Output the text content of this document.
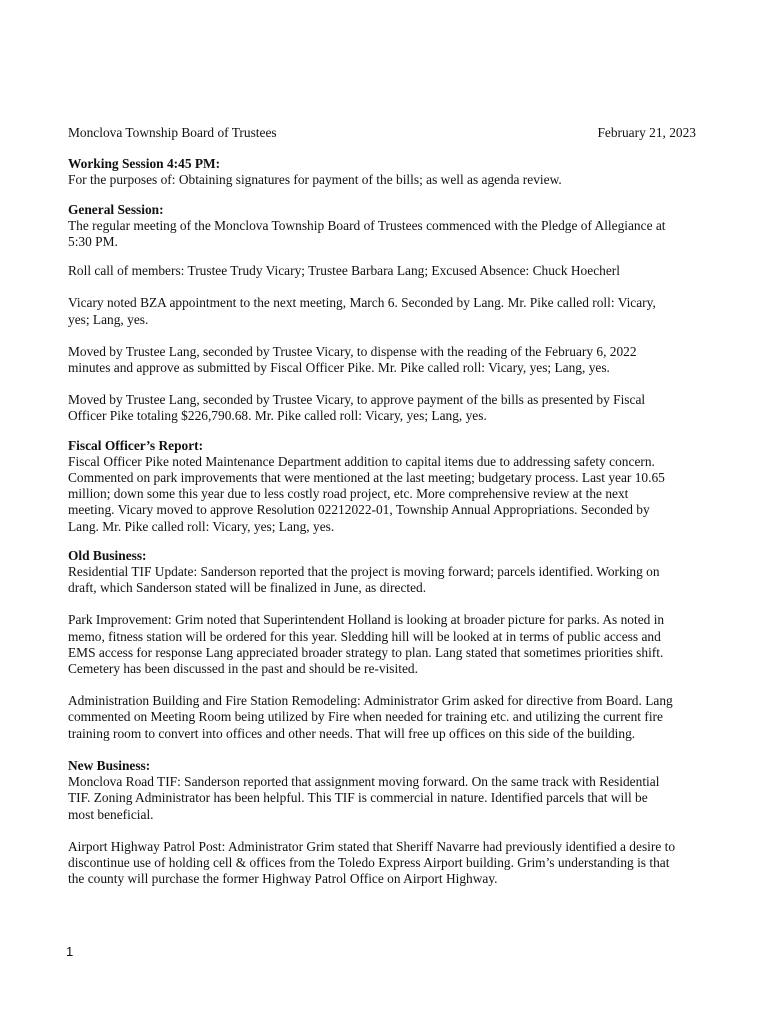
Monclova Township Board of Trustees	February 21, 2023

Working Session 4:45 PM:
For the purposes of: Obtaining signatures for payment of the bills; as well as agenda review.

General Session:
The regular meeting of the Monclova Township Board of Trustees commenced with the Pledge of Allegiance at
5:30 PM.

Roll call of members: Trustee Trudy Vicary; Trustee Barbara Lang; Excused Absence: Chuck Hoecherl

Vicary noted BZA appointment to the next meeting, March 6. Seconded by Lang. Mr. Pike called roll: Vicary,
yes; Lang, yes.

Moved by Trustee Lang, seconded by Trustee Vicary, to dispense with the reading of the February 6, 2022
minutes and approve as submitted by Fiscal Officer Pike. Mr. Pike called roll: Vicary, yes; Lang, yes.

Moved by Trustee Lang, seconded by Trustee Vicary, to approve payment of the bills as presented by Fiscal
Officer Pike totaling $226,790.68. Mr. Pike called roll: Vicary, yes; Lang, yes.

Fiscal Officer’s Report:
Fiscal Officer Pike noted Maintenance Department addition to capital items due to addressing safety concern.
Commented on park improvements that were mentioned at the last meeting; budgetary process. Last year 10.65
million; down some this year due to less costly road project, etc. More comprehensive review at the next
meeting. Vicary moved to approve Resolution 02212022-01, Township Annual Appropriations. Seconded by
Lang. Mr. Pike called roll: Vicary, yes; Lang, yes.

Old Business:
Residential TIF Update: Sanderson reported that the project is moving forward; parcels identified. Working on
draft, which Sanderson stated will be finalized in June, as directed.

Park Improvement: Grim noted that Superintendent Holland is looking at broader picture for parks. As noted in
memo, fitness station will be ordered for this year. Sledding hill will be looked at in terms of public access and
EMS access for response Lang appreciated broader strategy to plan. Lang stated that sometimes priorities shift.
Cemetery has been discussed in the past and should be re-visited.

Administration Building and Fire Station Remodeling: Administrator Grim asked for directive from Board. Lang
commented on Meeting Room being utilized by Fire when needed for training etc. and utilizing the current fire
training room to convert into offices and other needs. That will free up offices on this side of the building.

New Business:
Monclova Road TIF: Sanderson reported that assignment moving forward. On the same track with Residential
TIF. Zoning Administrator has been helpful. This TIF is commercial in nature. Identified parcels that will be
most beneficial.

Airport Highway Patrol Post: Administrator Grim stated that Sheriff Navarre had previously identified a desire to
discontinue use of holding cell & offices from the Toledo Express Airport building. Grim’s understanding is that
the county will purchase the former Highway Patrol Office on Airport Highway.

1
